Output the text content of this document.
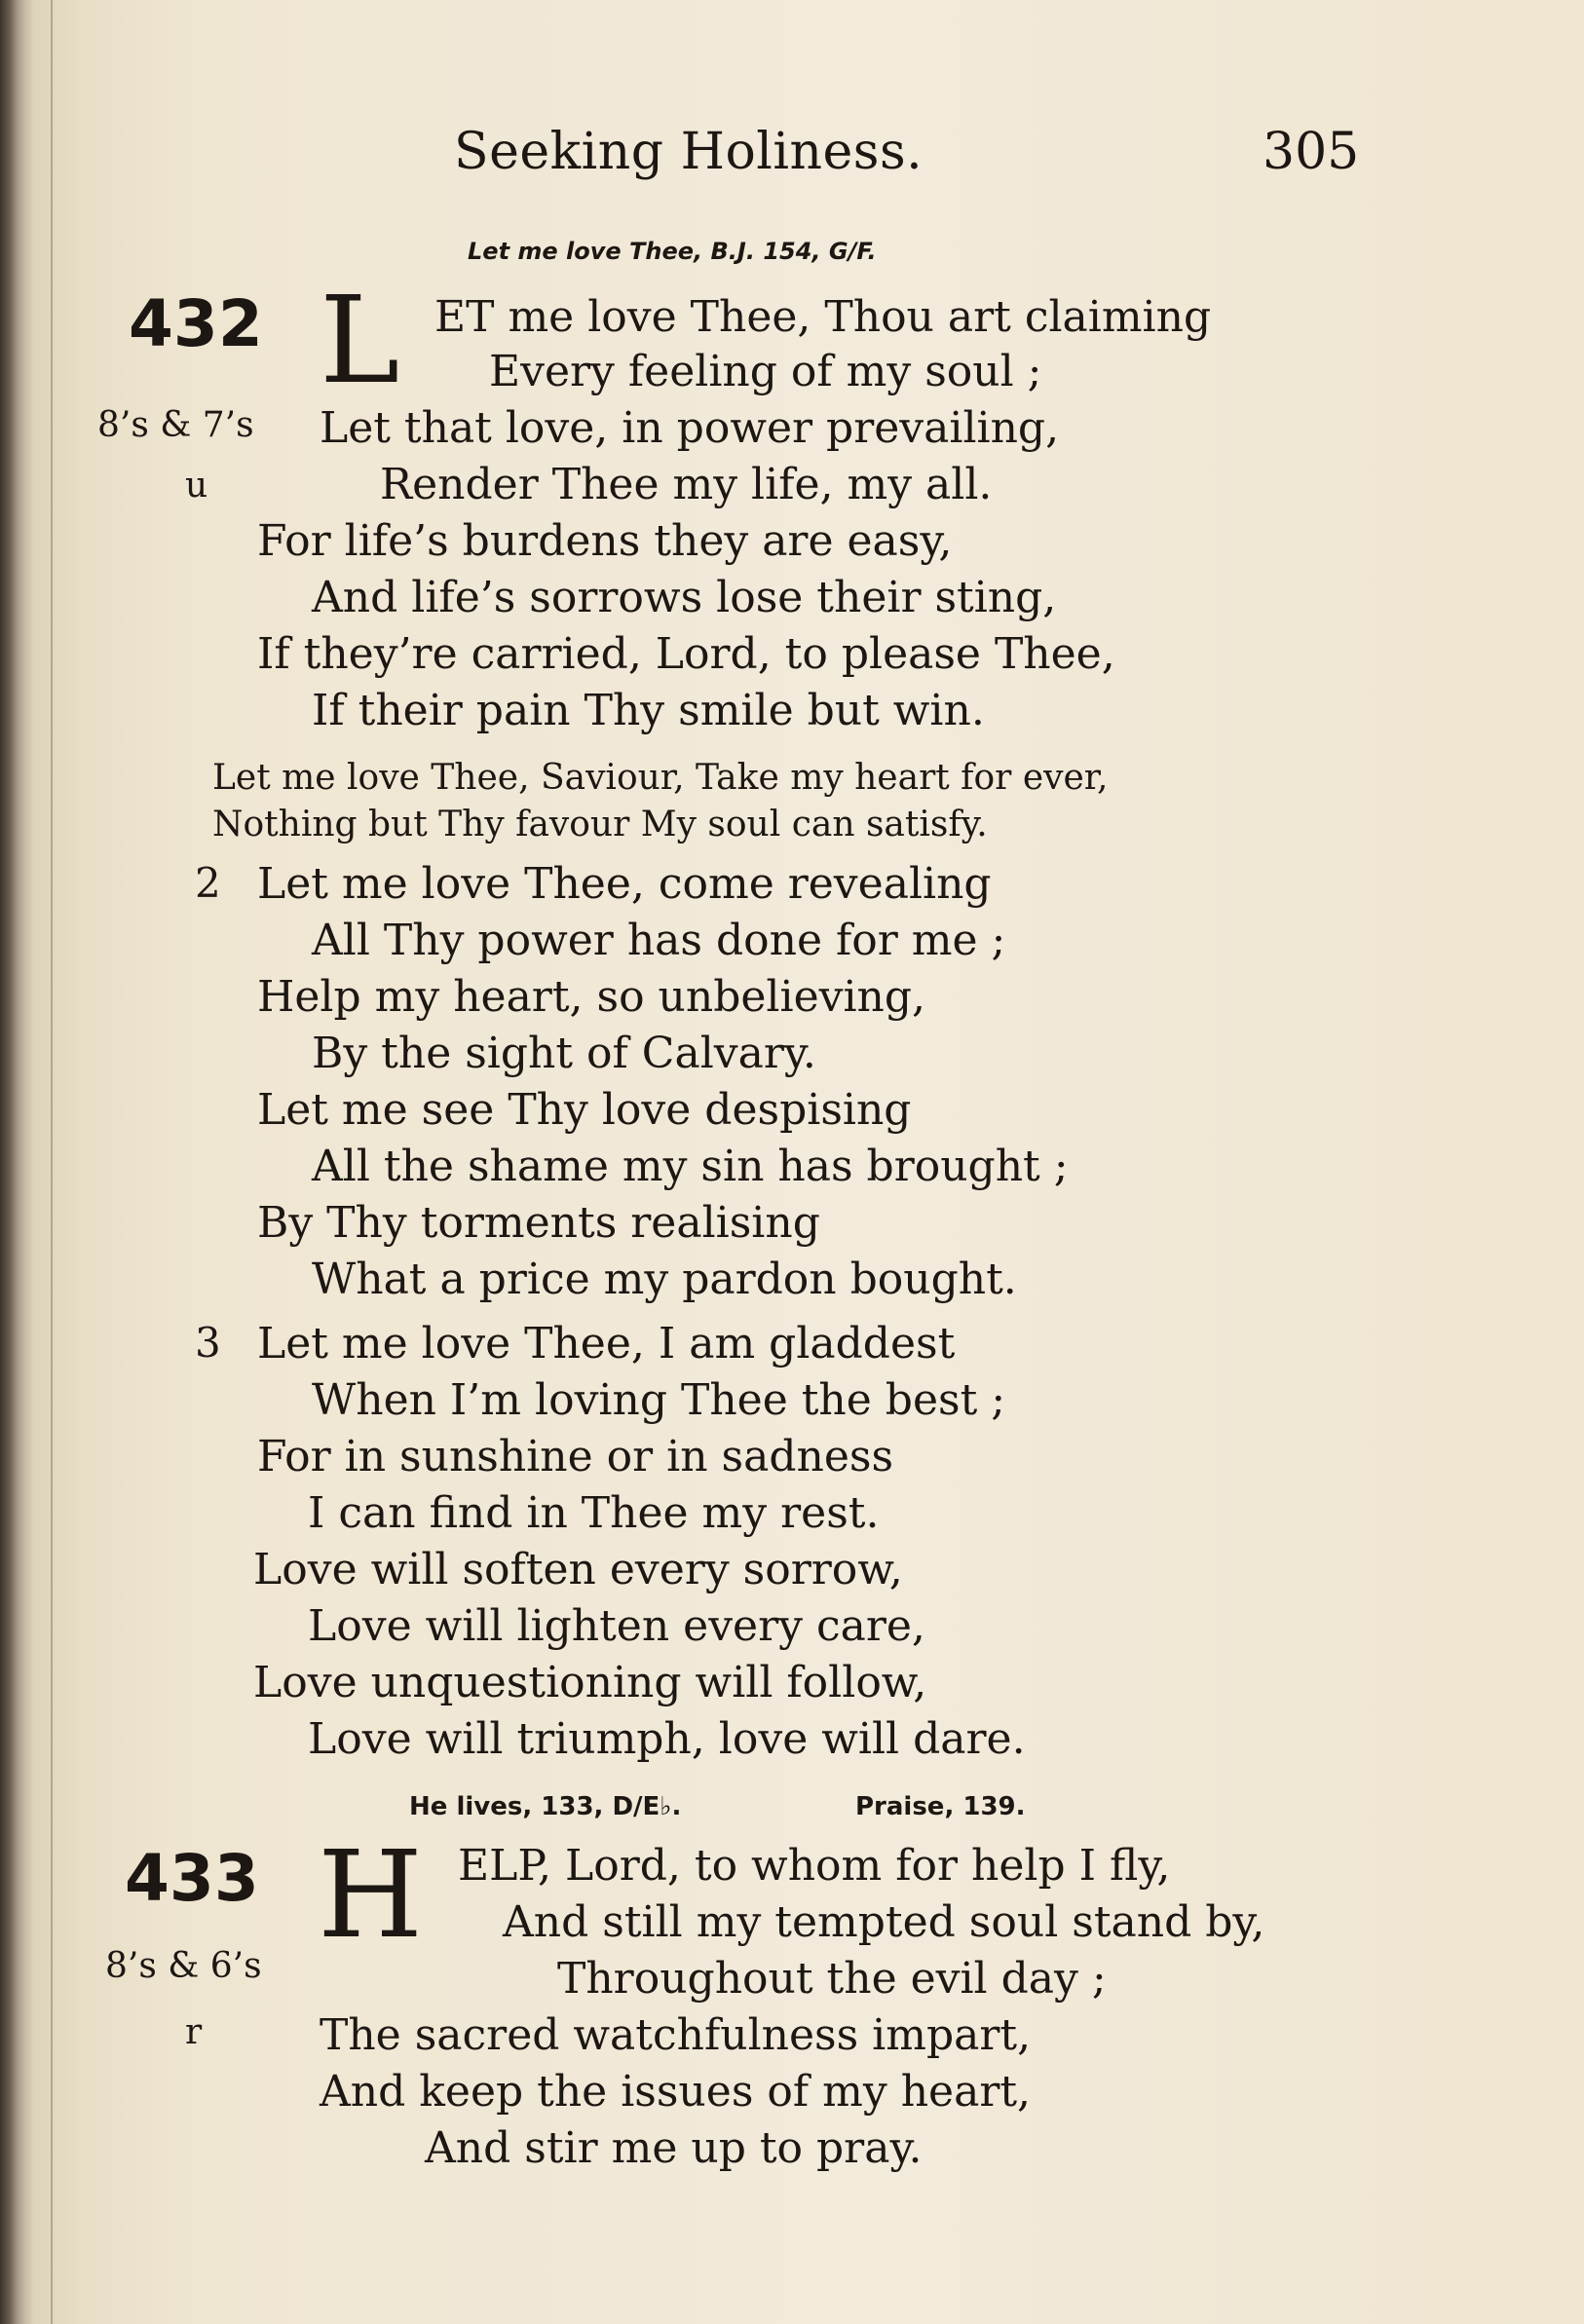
Seeking Holiness.	305
Let me love Thee, B.J. 154, G/F.
432 L
8’s & 7’s
u
ET me love Thee, Thou art claiming
Every feeling of my soul ;
Let that love, in power prevailing,
Render Thee my life, my all.
For life’s burdens they are easy,
And life’s sorrows lose their sting,
If they’re carried, Lord, to please Thee,
If their pain Thy smile but win.
Let me love Thee, Saviour, Take my heart for ever,
Nothing but Thy favour My soul can satisfy.
2 Let me love Thee, come revealing
All Thy power has done for me ;
Help my heart, so unbelieving,
By the sight of Calvary.
Let me see Thy love despising
All the shame my sin has brought ;
By Thy torments realising
What a price my pardon bought.
3 Let me love Thee, I am gladdest
When I’m loving Thee the best ;
For in sunshine or in sadness
I can find in Thee my rest.
Love will soften every sorrow,
Love will lighten every care,
Love unquestioning will follow,
Love will triumph, love will dare.
He lives, 133, D/E♭.	Praise, 139.
433 H
8’s & 6’s
r
ELP, Lord, to whom for help I fly,
And still my tempted soul stand by,
Throughout the evil day ;
The sacred watchfulness impart,
And keep the issues of my heart,
And stir me up to pray.
